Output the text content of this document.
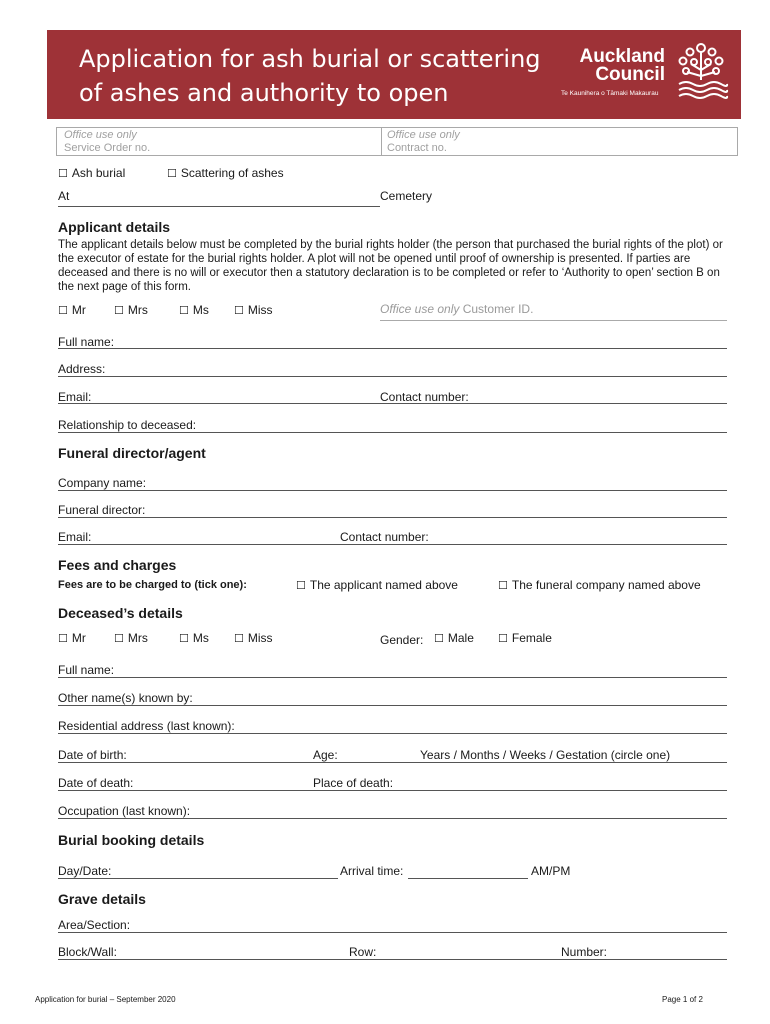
Application for ash burial or scattering
of ashes and authority to open
Auckland
Council
Te Kaunihera o Tāmaki Makaurau
Office use only
Service Order no.
Office use only
Contract no.
☐ Ash burial	☐ Scattering of ashes
At	Cemetery
Applicant details
The applicant details below must be completed by the burial rights holder (the person that purchased the burial rights of the plot) or the executor of estate for the burial rights holder. A plot will not be opened until proof of ownership is presented. If parties are deceased and there is no will or executor then a statutory declaration is to be completed or refer to ‘Authority to open’ section B on the next page of this form.
☐ Mr	☐ Mrs	☐ Ms	☐ Miss	Office use only Customer ID.
Full name:
Address:
Email:	Contact number:
Relationship to deceased:
Funeral director/agent
Company name:
Funeral director:
Email:	Contact number:
Fees and charges
Fees are to be charged to (tick one):	☐ The applicant named above	☐ The funeral company named above
Deceased’s details
☐ Mr	☐ Mrs	☐ Ms	☐ Miss	Gender:	☐ Male	☐ Female
Full name:
Other name(s) known by:
Residential address (last known):
Date of birth:	Age:	Years / Months / Weeks / Gestation (circle one)
Date of death:	Place of death:
Occupation (last known):
Burial booking details
Day/Date:	Arrival time:	AM/PM
Grave details
Area/Section:
Block/Wall:	Row:	Number:
Application for burial – September 2020	Page 1 of 2
